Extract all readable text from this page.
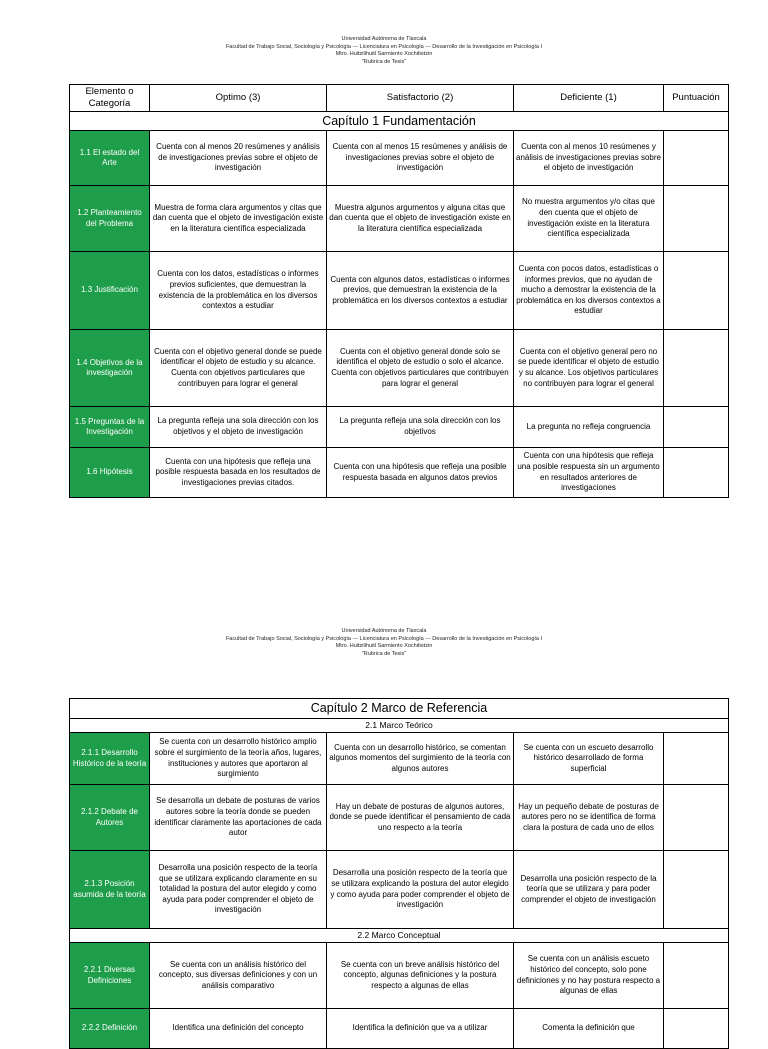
Universidad Autónoma de Tlaxcala
Facultad de Trabajo Social, Sociología y Psicología --- Licenciatura en Psicología --- Desarrollo de la Investigación en Psicología I
Mtro. Huitzilihuitl Sarmiento Xochitiotzin
"Rubrica de Tesis"
Elemento o Categoría	Optimo (3)	Satisfactorio (2)	Deficiente (1)	Puntuación
Capítulo 1 Fundamentación				
1.1 El estado del Arte	Cuenta con al menos 20 resúmenes y análisis de investigaciones previas sobre el objeto de investigación	Cuenta con al menos 15 resúmenes y análisis de investigaciones previas sobre el objeto de investigación	Cuenta con al menos 10 resúmenes y análisis de investigaciones previas sobre el objeto de investigación	
1.2 Planteamiento del Problema	Muestra de forma clara argumentos y citas que dan cuenta que el objeto de investigación existe en la literatura científica especializada	Muestra algunos argumentos y alguna citas que dan cuenta que el objeto de investigación existe en la literatura científica especializada	No muestra argumentos y/o citas que den cuenta que el objeto de investigación existe en la literatura científica especializada	
1.3 Justificación	Cuenta con los datos, estadísticas o informes previos suficientes, que demuestran la existencia de la problemática en los diversos contextos a estudiar	Cuenta con algunos datos, estadísticas o informes previos, que demuestran la existencia de la problemática en los diversos contextos a estudiar	Cuenta con pocos datos, estadísticas o informes previos, que no ayudan de mucho a demostrar la existencia de la problemática en los diversos contextos a estudiar	
1.4 Objetivos de la investigación	Cuenta con el objetivo general donde se puede identificar el objeto de estudio y su alcance. Cuenta con objetivos particulares que contribuyen para lograr el general	Cuenta con el objetivo general donde solo se identifica el objeto de estudio o solo el alcance. Cuenta con objetivos particulares que contribuyen para lograr el general	Cuenta con el objetivo general pero no se puede identificar el objeto de estudio y su alcance. Los objetivos particulares no contribuyen para lograr el general	
1.5 Preguntas de la Investigación	La pregunta refleja una sola dirección con los objetivos y el objeto de investigación	La pregunta refleja una sola dirección con los objetivos	La pregunta no refleja congruencia	
1.6 Hipótesis	Cuenta con una hipótesis que refleja una posible respuesta basada en los resultados de investigaciones previas citados.	Cuenta con una hipótesis que refleja una posible respuesta basada en algunos datos previos	Cuenta con una hipótesis que refleja una posible respuesta sin un argumento en resultados anteriores de investigaciones	
Universidad Autónoma de Tlaxcala
Facultad de Trabajo Social, Sociología y Psicología --- Licenciatura en Psicología --- Desarrollo de la Investigación en Psicología I
Mtro. Huitzilihuitl Sarmiento Xochitiotzin
"Rubrica de Tesis"
Capítulo 2 Marco de Referencia				
2.1 Marco Teórico				
2.1.1 Desarrollo Histórico de la teoría	Se cuenta con un desarrollo histórico amplio sobre el surgimiento de la teoría años, lugares, instituciones y autores que aportaron al surgimiento	Cuenta con un desarrollo histórico, se comentan algunos momentos del surgimiento de la teoría con algunos autores	Se cuenta con un escueto desarrollo histórico desarrollado de forma superficial	
2.1.2 Debate de Autores	Se desarrolla un debate de posturas de varios autores sobre la teoría donde se pueden identificar claramente las aportaciones de cada autor	Hay un debate de posturas de algunos autores, donde se puede identificar el pensamiento de cada uno respecto a la teoría	Hay un pequeño debate de posturas de autores pero no se identifica de forma clara la postura de cada uno de ellos	
2.1.3 Posición asumida de la teoría	Desarrolla una posición respecto de la teoría que se utilizara explicando claramente en su totalidad la postura del autor elegido y como ayuda para poder comprender el objeto de investigación	Desarrolla una posición respecto de la teoría que se utilizara explicando la postura del autor elegido y como ayuda para poder comprender el objeto de investigación	Desarrolla una posición respecto de la teoría que se utilizara y para poder comprender el objeto de investigación	
2.2 Marco Conceptual				
2.2.1 Diversas Definiciones	Se cuenta con un análisis histórico del concepto, sus diversas definiciones y con un análisis comparativo	Se cuenta con un breve análisis histórico del concepto, algunas definiciones y la postura respecto a algunas de ellas	Se cuenta con un análisis escueto histórico del concepto, solo pone definiciones y no hay postura respecto a algunas de ellas	
2.2.2 Definición	Identifica una definición del concepto	Identifica la definición que va a utilizar	Comenta la definición que	
